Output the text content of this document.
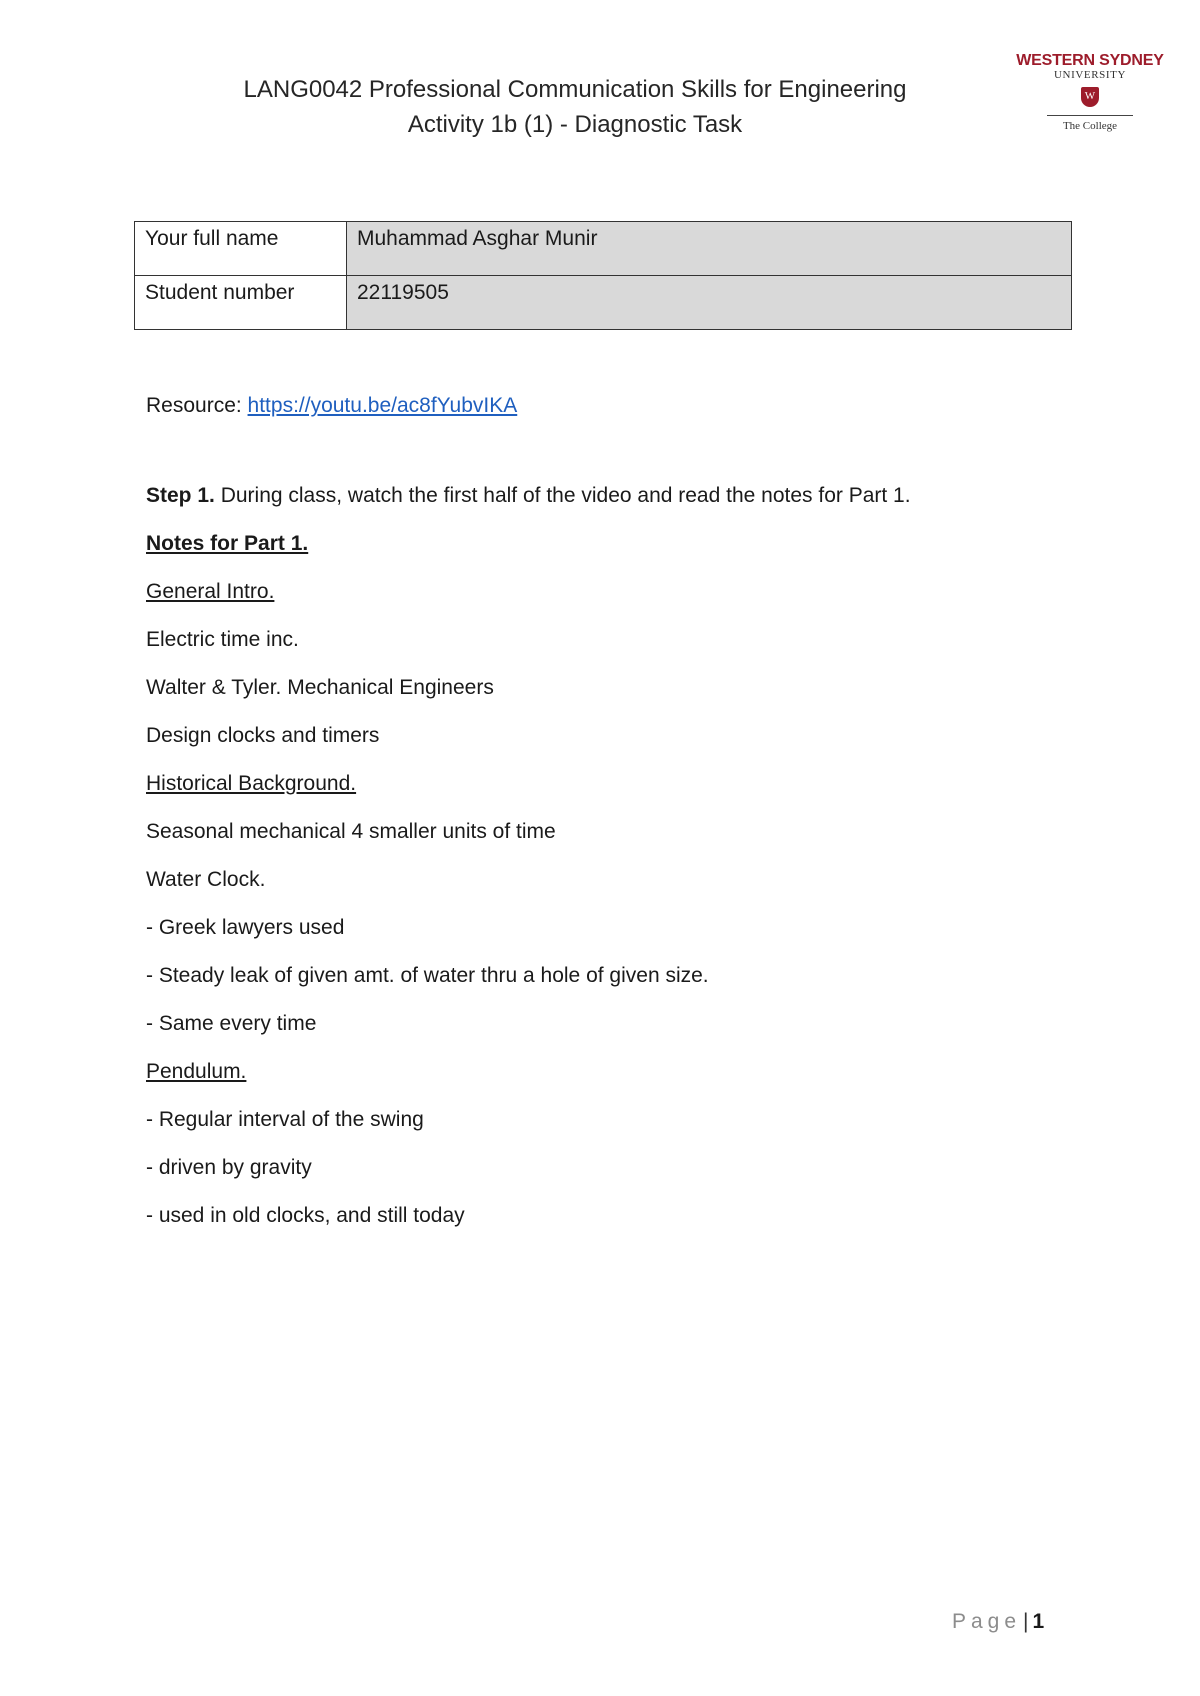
LANG0042 Professional Communication Skills for Engineering
Activity 1b (1) - Diagnostic Task
WESTERN SYDNEY
UNIVERSITY
W
The College
Your full name	Muhammad Asghar Munir
Student number	22119505
Resource: https://youtu.be/ac8fYubvIKA
Step 1. During class, watch the first half of the video and read the notes for Part 1.
Notes for Part 1.
General Intro.
Electric time inc.
Walter & Tyler. Mechanical Engineers
Design clocks and timers
Historical Background.
Seasonal mechanical 4 smaller units of time
Water Clock.
- Greek lawyers used
- Steady leak of given amt. of water thru a hole of given size.
- Same every time
Pendulum.
- Regular interval of the swing
- driven by gravity
- used in old clocks, and still today
Page| 1
